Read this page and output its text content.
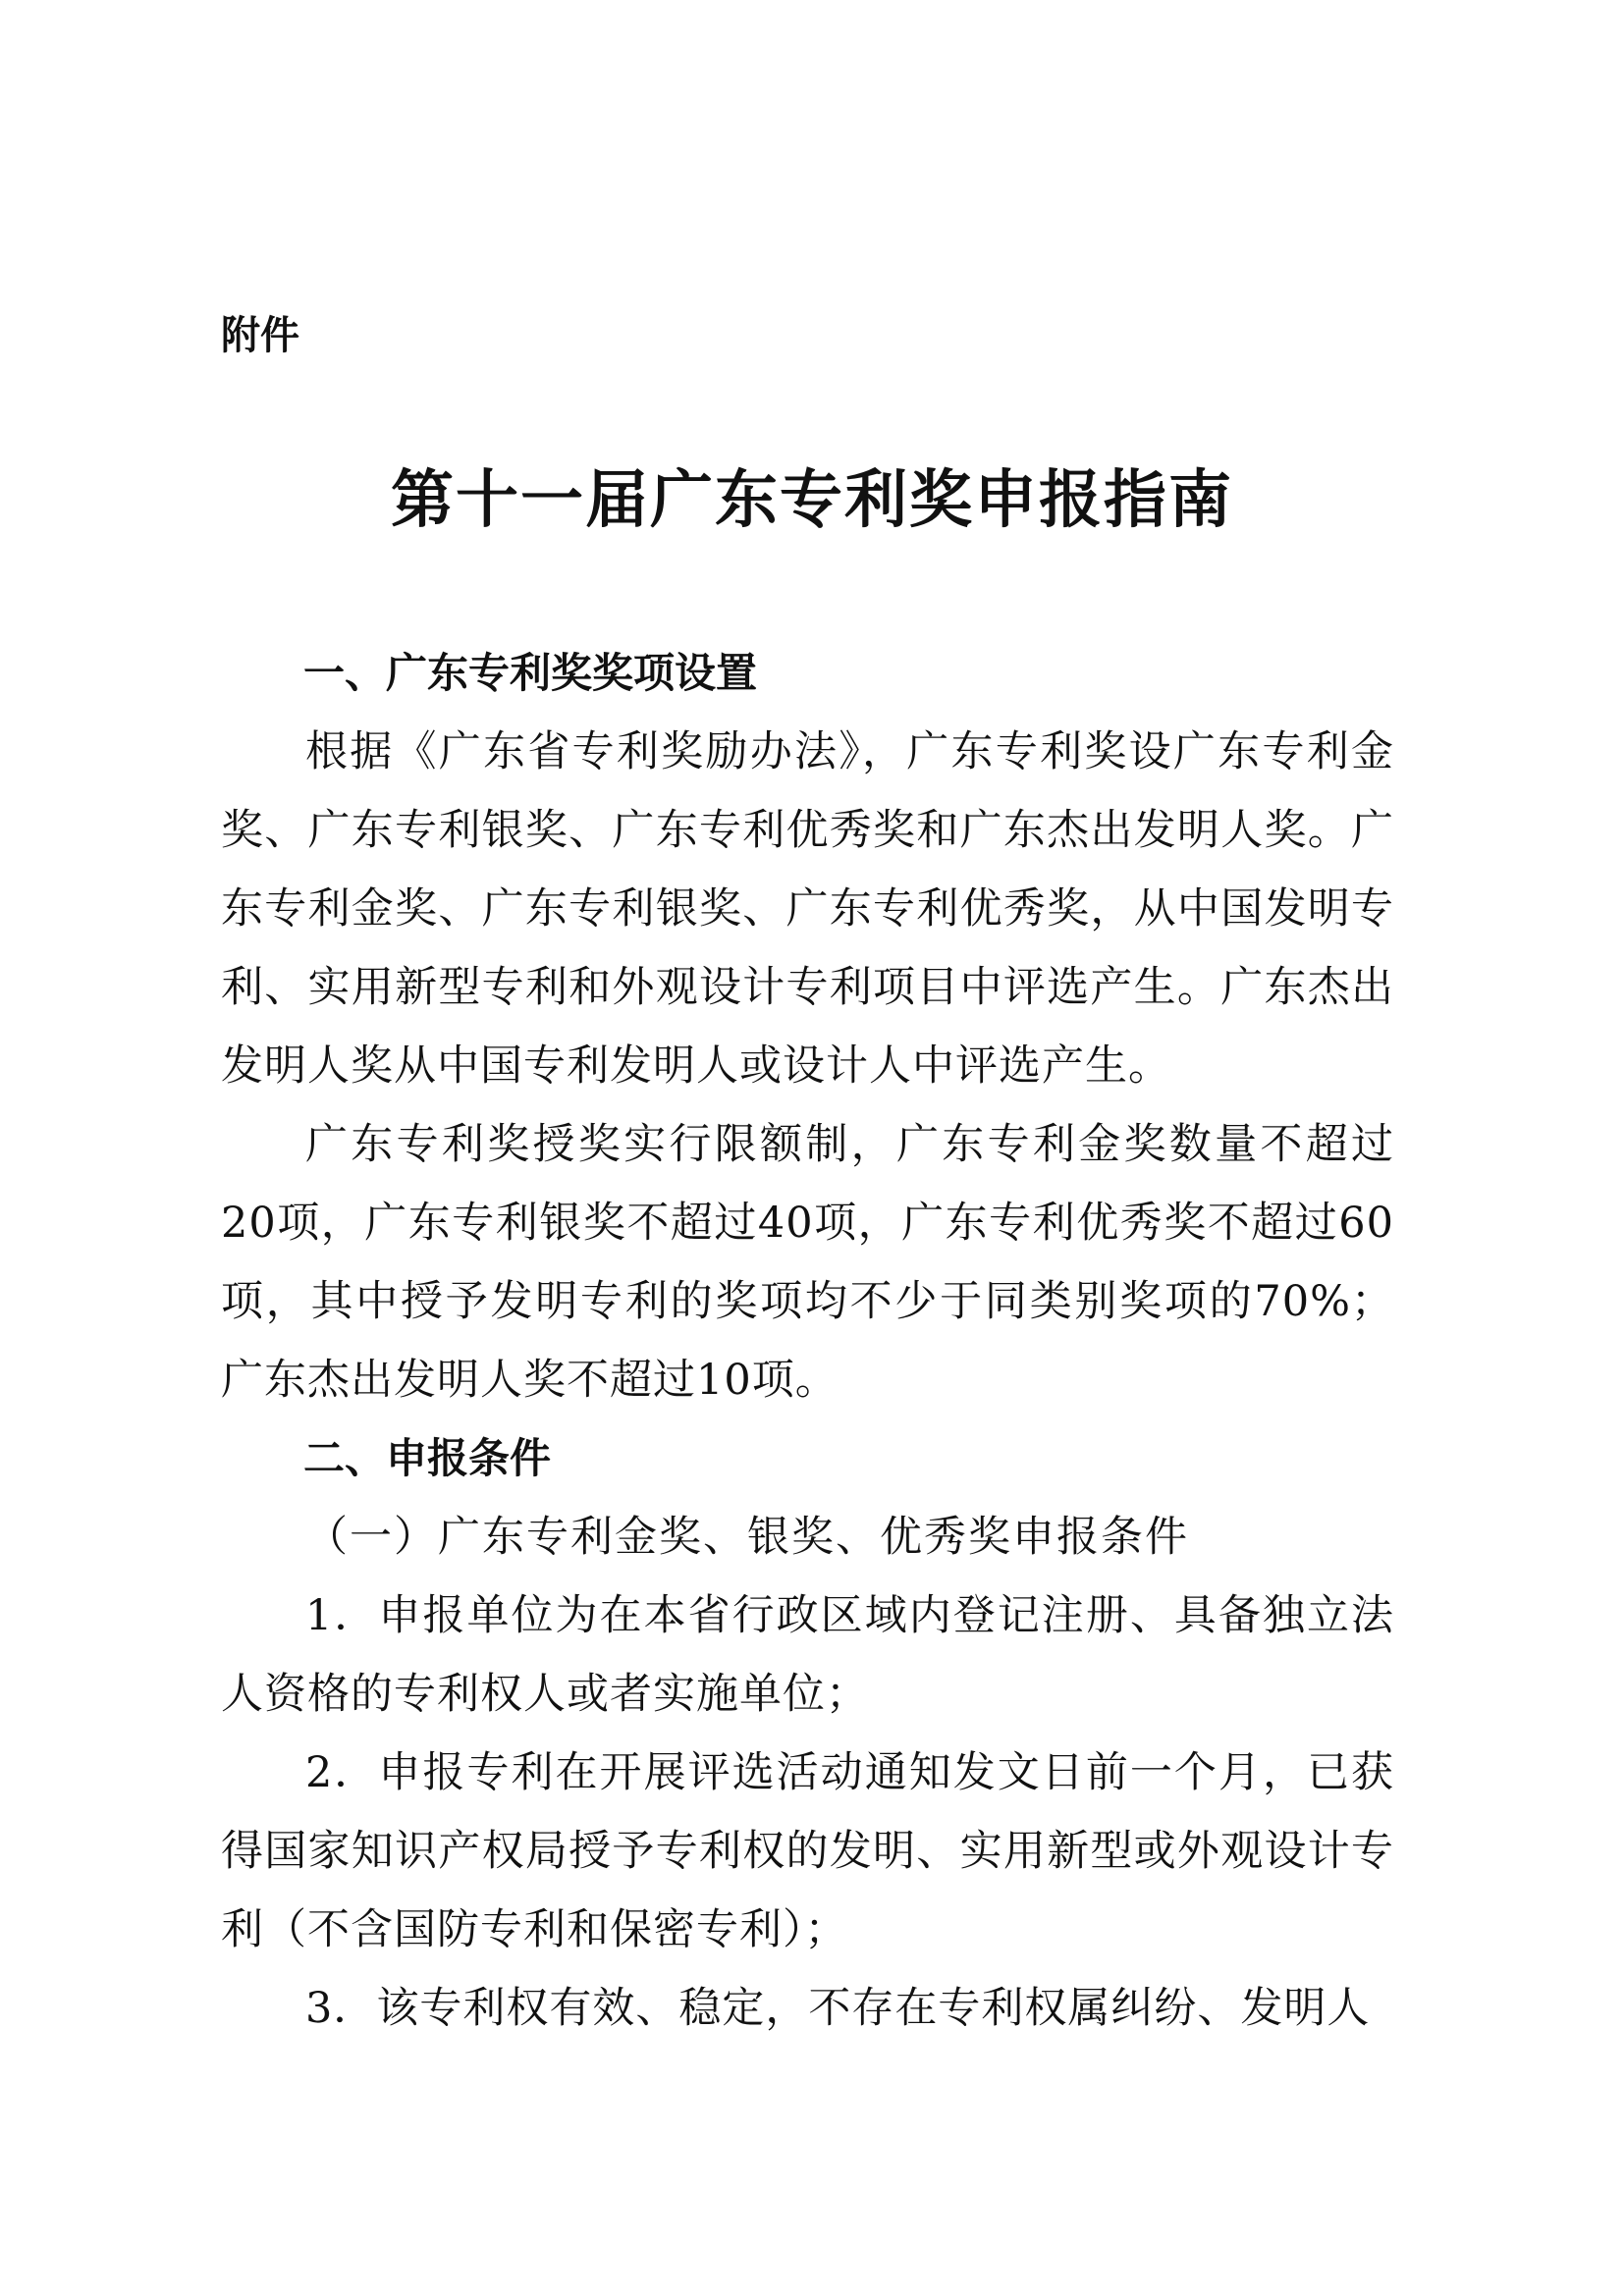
附件
第十一届广东专利奖申报指南
一、广东专利奖奖项设置

根据《广东省专利奖励办法》，广东专利奖设广东专利金奖、广东专利银奖、广东专利优秀奖和广东杰出发明人奖。广东专利金奖、广东专利银奖、广东专利优秀奖，从中国发明专利、实用新型专利和外观设计专利项目中评选产生。广东杰出发明人奖从中国专利发明人或设计人中评选产生。

广东专利奖授奖实行限额制，广东专利金奖数量不超过20项，广东专利银奖不超过40项，广东专利优秀奖不超过60项，其中授予发明专利的奖项均不少于同类别奖项的70%；广东杰出发明人奖不超过10项。

二、申报条件

（一）广东专利金奖、银奖、优秀奖申报条件

1．申报单位为在本省行政区域内登记注册、具备独立法人资格的专利权人或者实施单位；

2．申报专利在开展评选活动通知发文日前一个月，已获得国家知识产权局授予专利权的发明、实用新型或外观设计专利（不含国防专利和保密专利）；

3．该专利权有效、稳定，不存在专利权属纠纷、发明人
